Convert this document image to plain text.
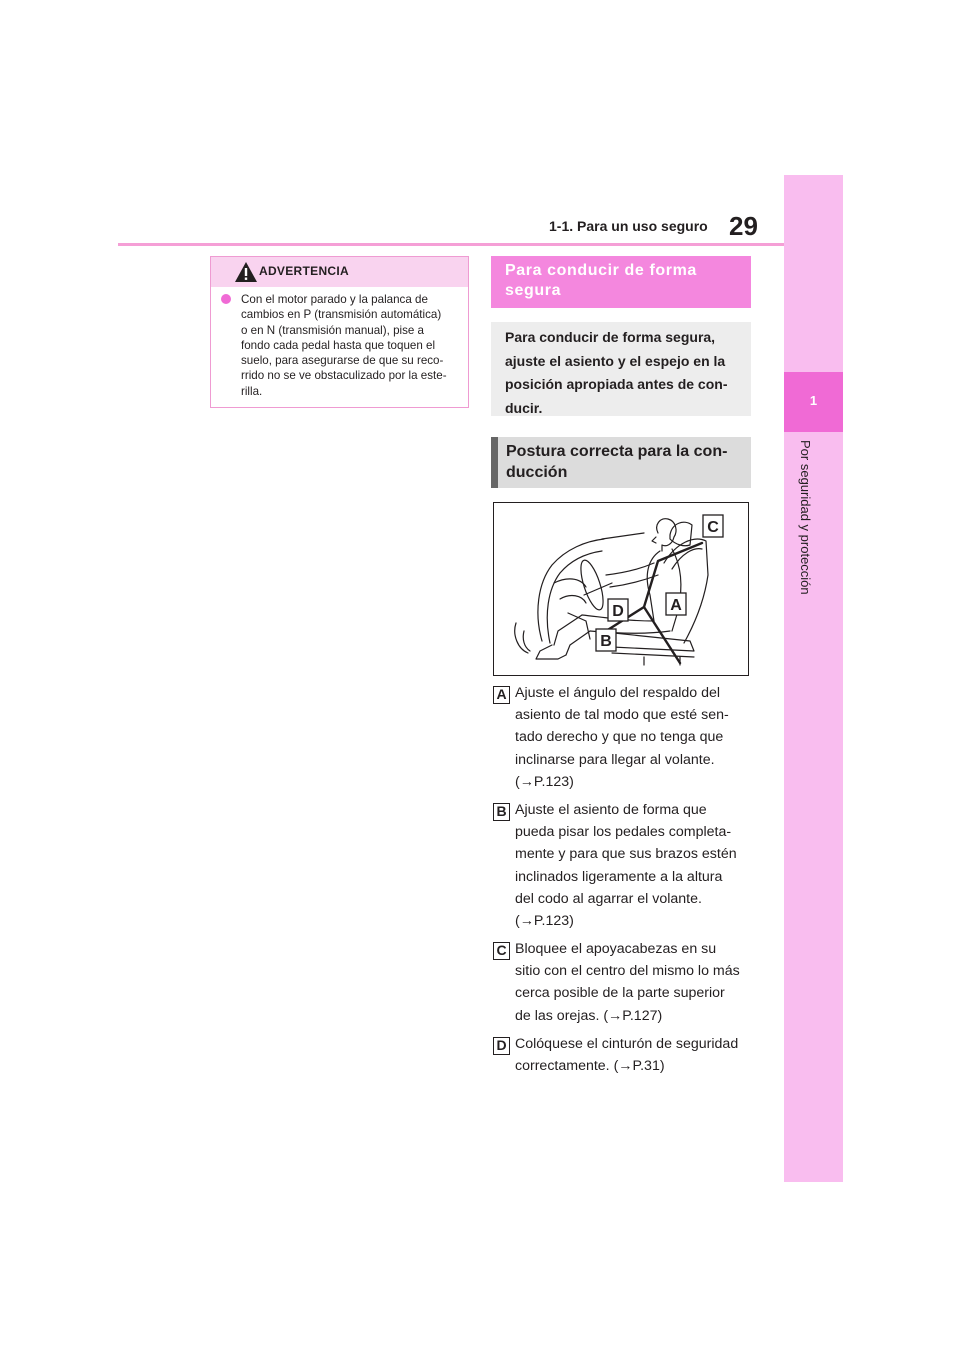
1-1. Para un uso seguro 29
1
Por seguridad y protección
ADVERTENCIA
Con el motor parado y la palanca de
cambios en P (transmisión automática)
o en N (transmisión manual), pise a
fondo cada pedal hasta que toquen el
suelo, para asegurarse de que su reco-
rrido no se ve obstaculizado por la este-
rilla.
Para conducir de forma
segura
Para conducir de forma segura,
ajuste el asiento y el espejo en la
posición apropiada antes de con-
ducir.
Postura correcta para la con-
ducción
C
A
D
B
A Ajuste el ángulo del respaldo del
asiento de tal modo que esté sen-
tado derecho y que no tenga que
inclinarse para llegar al volante.
(→P.123)
B Ajuste el asiento de forma que
pueda pisar los pedales completa-
mente y para que sus brazos estén
inclinados ligeramente a la altura
del codo al agarrar el volante.
(→P.123)
C Bloquee el apoyacabezas en su
sitio con el centro del mismo lo más
cerca posible de la parte superior
de las orejas. (→P.127)
D Colóquese el cinturón de seguridad
correctamente. (→P.31)
